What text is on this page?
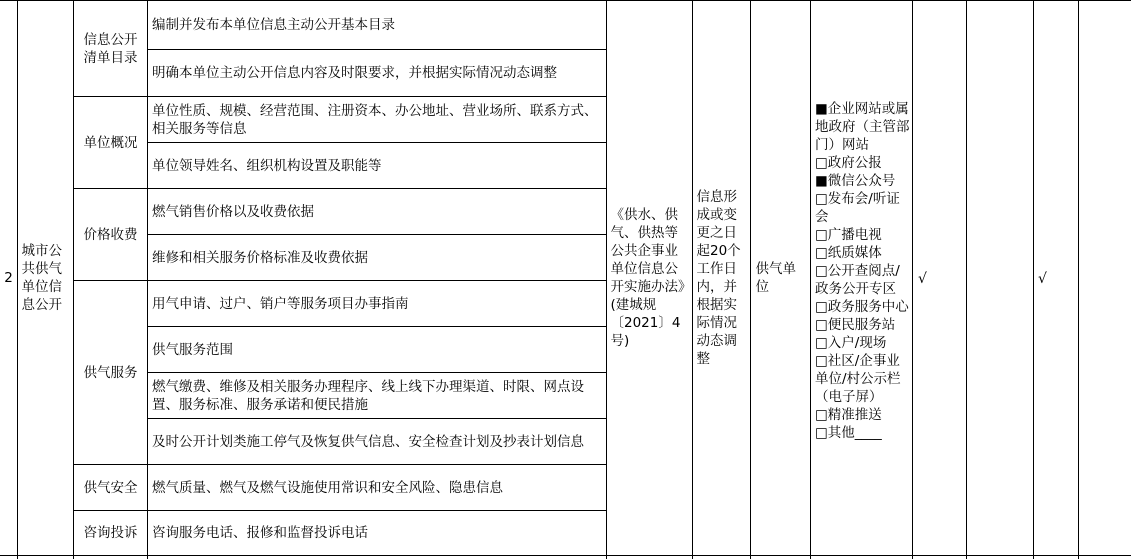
2
城市公共供气单位信息公开
信息公开清单目录
单位概况
价格收费
供气服务
供气安全
咨询投诉
编制并发布本单位信息主动公开基本目录
明确本单位主动公开信息内容及时限要求，并根据实际情况动态调整
单位性质、规模、经营范围、注册资本、办公地址、营业场所、联系方式、相关服务等信息
单位领导姓名、组织机构设置及职能等
燃气销售价格以及收费依据
维修和相关服务价格标准及收费依据
用气申请、过户、销户等服务项目办事指南
供气服务范围
燃气缴费、维修及相关服务办理程序、线上线下办理渠道、时限、网点设置、服务标准、服务承诺和便民措施
及时公开计划类施工停气及恢复供气信息、安全检查计划及抄表计划信息
燃气质量、燃气及燃气设施使用常识和安全风险、隐患信息
咨询服务电话、报修和监督投诉电话
《供水、供气、供热等公共企事业单位信息公开实施办法》(建城规〔2021〕4号)
信息形成或变更之日起20个工作日内，并根据实际情况动态调整
供气单位
■企业网站或属地政府（主管部门）网站
□政府公报
■微信公众号
□发布会/听证会
□广播电视
□纸质媒体
□公开查阅点/政务公开专区
□政务服务中心
□便民服务站
□入户/现场
□社区/企事业单位/村公示栏（电子屏）
□精准推送
□其他____
√	√
